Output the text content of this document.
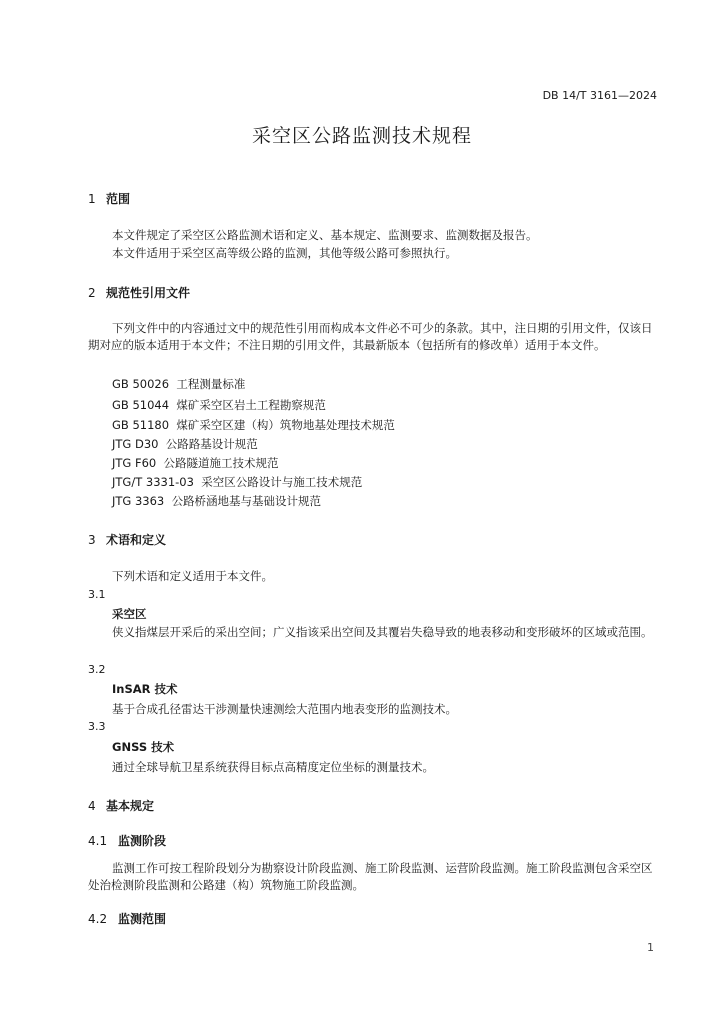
DB 14/T 3161—2024
采空区公路监测技术规程
1 范围
本文件规定了采空区公路监测术语和定义、基本规定、监测要求、监测数据及报告。
本文件适用于采空区高等级公路的监测，其他等级公路可参照执行。
2 规范性引用文件
下列文件中的内容通过文中的规范性引用而构成本文件必不可少的条款。其中，注日期的引用文件，仅该日期对应的版本适用于本文件；不注日期的引用文件，其最新版本（包括所有的修改单）适用于本文件。
GB 50026 工程测量标准
GB 51044 煤矿采空区岩土工程勘察规范
GB 51180 煤矿采空区建（构）筑物地基处理技术规范
JTG D30 公路路基设计规范
JTG F60 公路隧道施工技术规范
JTG/T 3331-03 采空区公路设计与施工技术规范
JTG 3363 公路桥涵地基与基础设计规范
3 术语和定义
下列术语和定义适用于本文件。
3.1
采空区
侠义指煤层开采后的采出空间；广义指该采出空间及其覆岩失稳导致的地表移动和变形破坏的区域或范围。
3.2
InSAR 技术
基于合成孔径雷达干涉测量快速测绘大范围内地表变形的监测技术。
3.3
GNSS 技术
通过全球导航卫星系统获得目标点高精度定位坐标的测量技术。
4 基本规定
4.1 监测阶段
监测工作可按工程阶段划分为勘察设计阶段监测、施工阶段监测、运营阶段监测。施工阶段监测包含采空区处治检测阶段监测和公路建（构）筑物施工阶段监测。
4.2 监测范围
1
